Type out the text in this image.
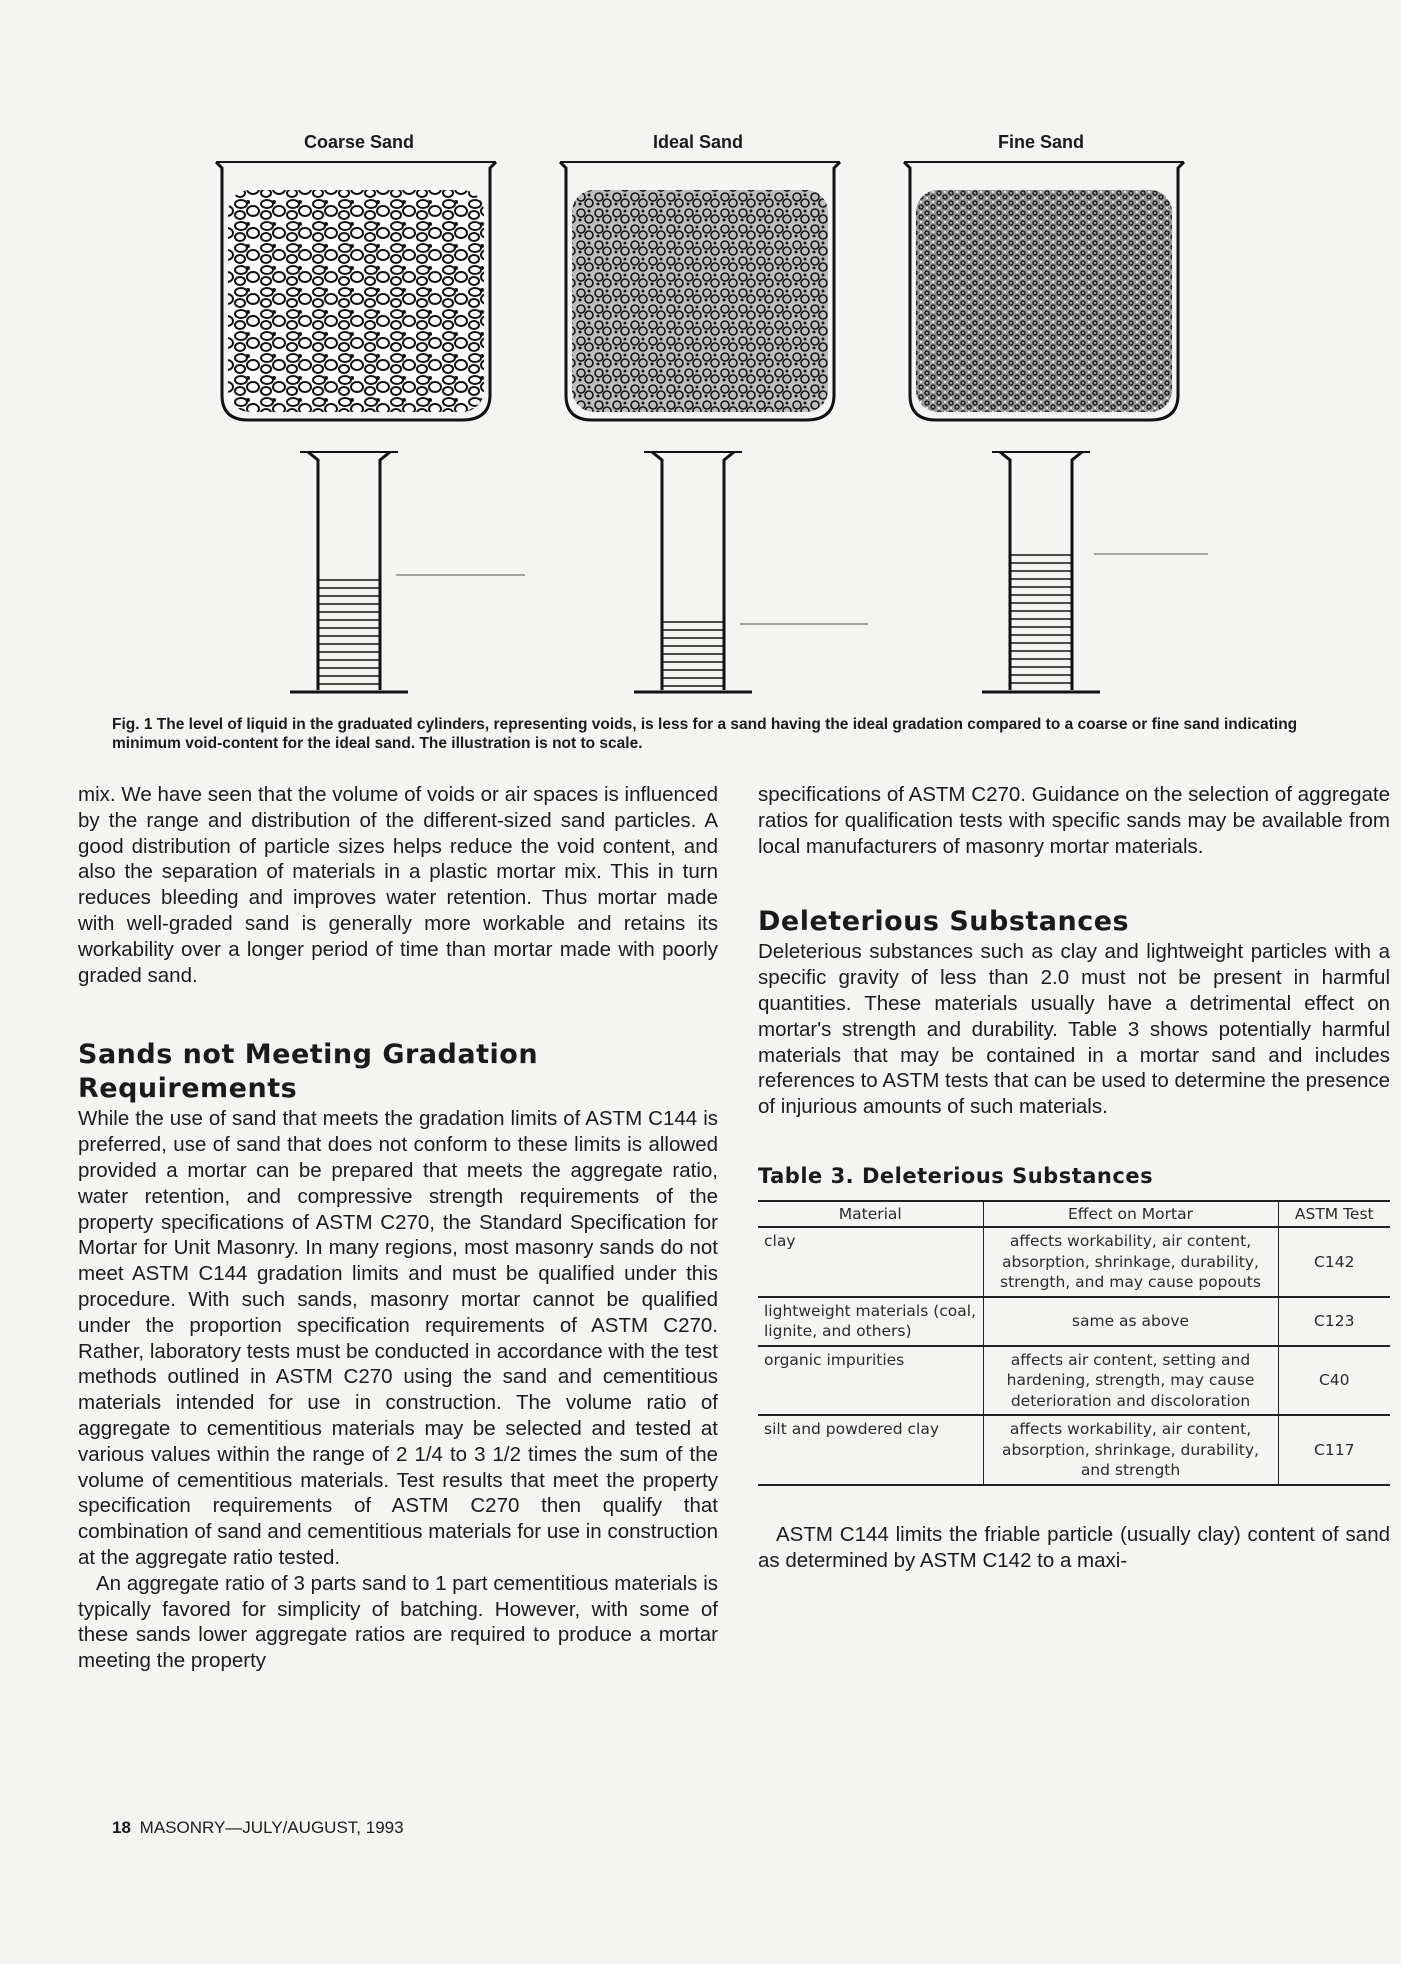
Coarse Sand	Ideal Sand	Fine Sand
Fig. 1 The level of liquid in the graduated cylinders, representing voids, is less for a sand having the ideal gradation compared to a coarse or fine sand indicating minimum void-content for the ideal sand. The illustration is not to scale.

mix. We have seen that the volume of voids or air spaces is influenced by the range and distribution of the different-sized sand particles. A good distribution of particle sizes helps reduce the void content, and also the separation of materials in a plastic mortar mix. This in turn reduces bleeding and improves water retention. Thus mortar made with well-graded sand is generally more workable and retains its workability over a longer period of time than mortar made with poorly graded sand.

Sands not Meeting Gradation Requirements

While the use of sand that meets the gradation limits of ASTM C144 is preferred, use of sand that does not conform to these limits is allowed provided a mortar can be prepared that meets the aggregate ratio, water retention, and compressive strength requirements of the property specifications of ASTM C270, the Standard Specification for Mortar for Unit Masonry. In many regions, most masonry sands do not meet ASTM C144 gradation limits and must be qualified under this procedure. With such sands, masonry mortar cannot be qualified under the proportion specification requirements of ASTM C270. Rather, laboratory tests must be conducted in accordance with the test methods outlined in ASTM C270 using the sand and cementitious materials intended for use in construction. The volume ratio of aggregate to cementitious materials may be selected and tested at various values within the range of 2 1/4 to 3 1/2 times the sum of the volume of cementitious materials. Test results that meet the property specification requirements of ASTM C270 then qualify that combination of sand and cementitious materials for use in construction at the aggregate ratio tested.

An aggregate ratio of 3 parts sand to 1 part cementitious materials is typically favored for simplicity of batching. However, with some of these sands lower aggregate ratios are required to produce a mortar meeting the property

specifications of ASTM C270. Guidance on the selection of aggregate ratios for qualification tests with specific sands may be available from local manufacturers of masonry mortar materials.

Deleterious Substances

Deleterious substances such as clay and lightweight particles with a specific gravity of less than 2.0 must not be present in harmful quantities. These materials usually have a detrimental effect on mortar's strength and durability. Table 3 shows potentially harmful materials that may be contained in a mortar sand and includes references to ASTM tests that can be used to determine the presence of injurious amounts of such materials.

Table 3. Deleterious Substances
Material	Effect on Mortar	ASTM Test
clay	affects workability, air content, absorption, shrinkage, durability, strength, and may cause popouts	C142
lightweight materials (coal, lignite, and others)	same as above	C123
organic impurities	affects air content, setting and hardening, strength, may cause deterioration and discoloration	C40
silt and powdered clay	affects workability, air content, absorption, shrinkage, durability, and strength	C117

ASTM C144 limits the friable particle (usually clay) content of sand as determined by ASTM C142 to a maxi-

18 MASONRY—JULY/AUGUST, 1993
